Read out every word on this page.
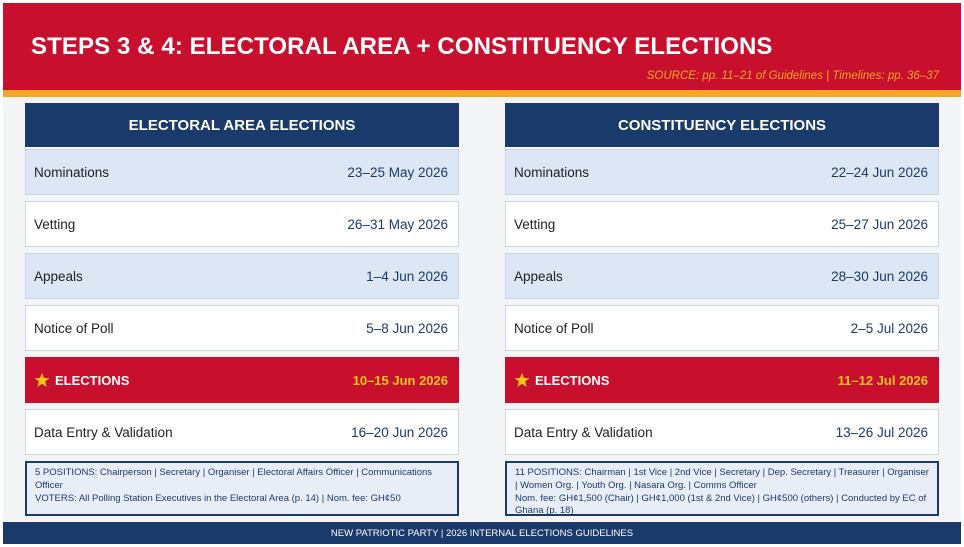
STEPS 3 & 4: ELECTORAL AREA + CONSTITUENCY ELECTIONS
SOURCE: pp. 11–21 of Guidelines | Timelines: pp. 36–37
ELECTORAL AREA ELECTIONS
Nominations	23–25 May 2026
Vetting	26–31 May 2026
Appeals	1–4 Jun 2026
Notice of Poll	5–8 Jun 2026
ELECTIONS	10–15 Jun 2026
Data Entry & Validation	16–20 Jun 2026
5 POSITIONS: Chairperson | Secretary | Organiser | Electoral Affairs Officer | Communications Officer
VOTERS: All Polling Station Executives in the Electoral Area (p. 14) | Nom. fee: GH¢50
CONSTITUENCY ELECTIONS
Nominations	22–24 Jun 2026
Vetting	25–27 Jun 2026
Appeals	28–30 Jun 2026
Notice of Poll	2–5 Jul 2026
ELECTIONS	11–12 Jul 2026
Data Entry & Validation	13–26 Jul 2026
11 POSITIONS: Chairman | 1st Vice | 2nd Vice | Secretary | Dep. Secretary | Treasurer | Organiser | Women Org. | Youth Org. | Nasara Org. | Comms Officer
Nom. fee: GH¢1,500 (Chair) | GH¢1,000 (1st & 2nd Vice) | GH¢500 (others) | Conducted by EC of Ghana (p. 18)
NEW PATRIOTIC PARTY | 2026 INTERNAL ELECTIONS GUIDELINES
